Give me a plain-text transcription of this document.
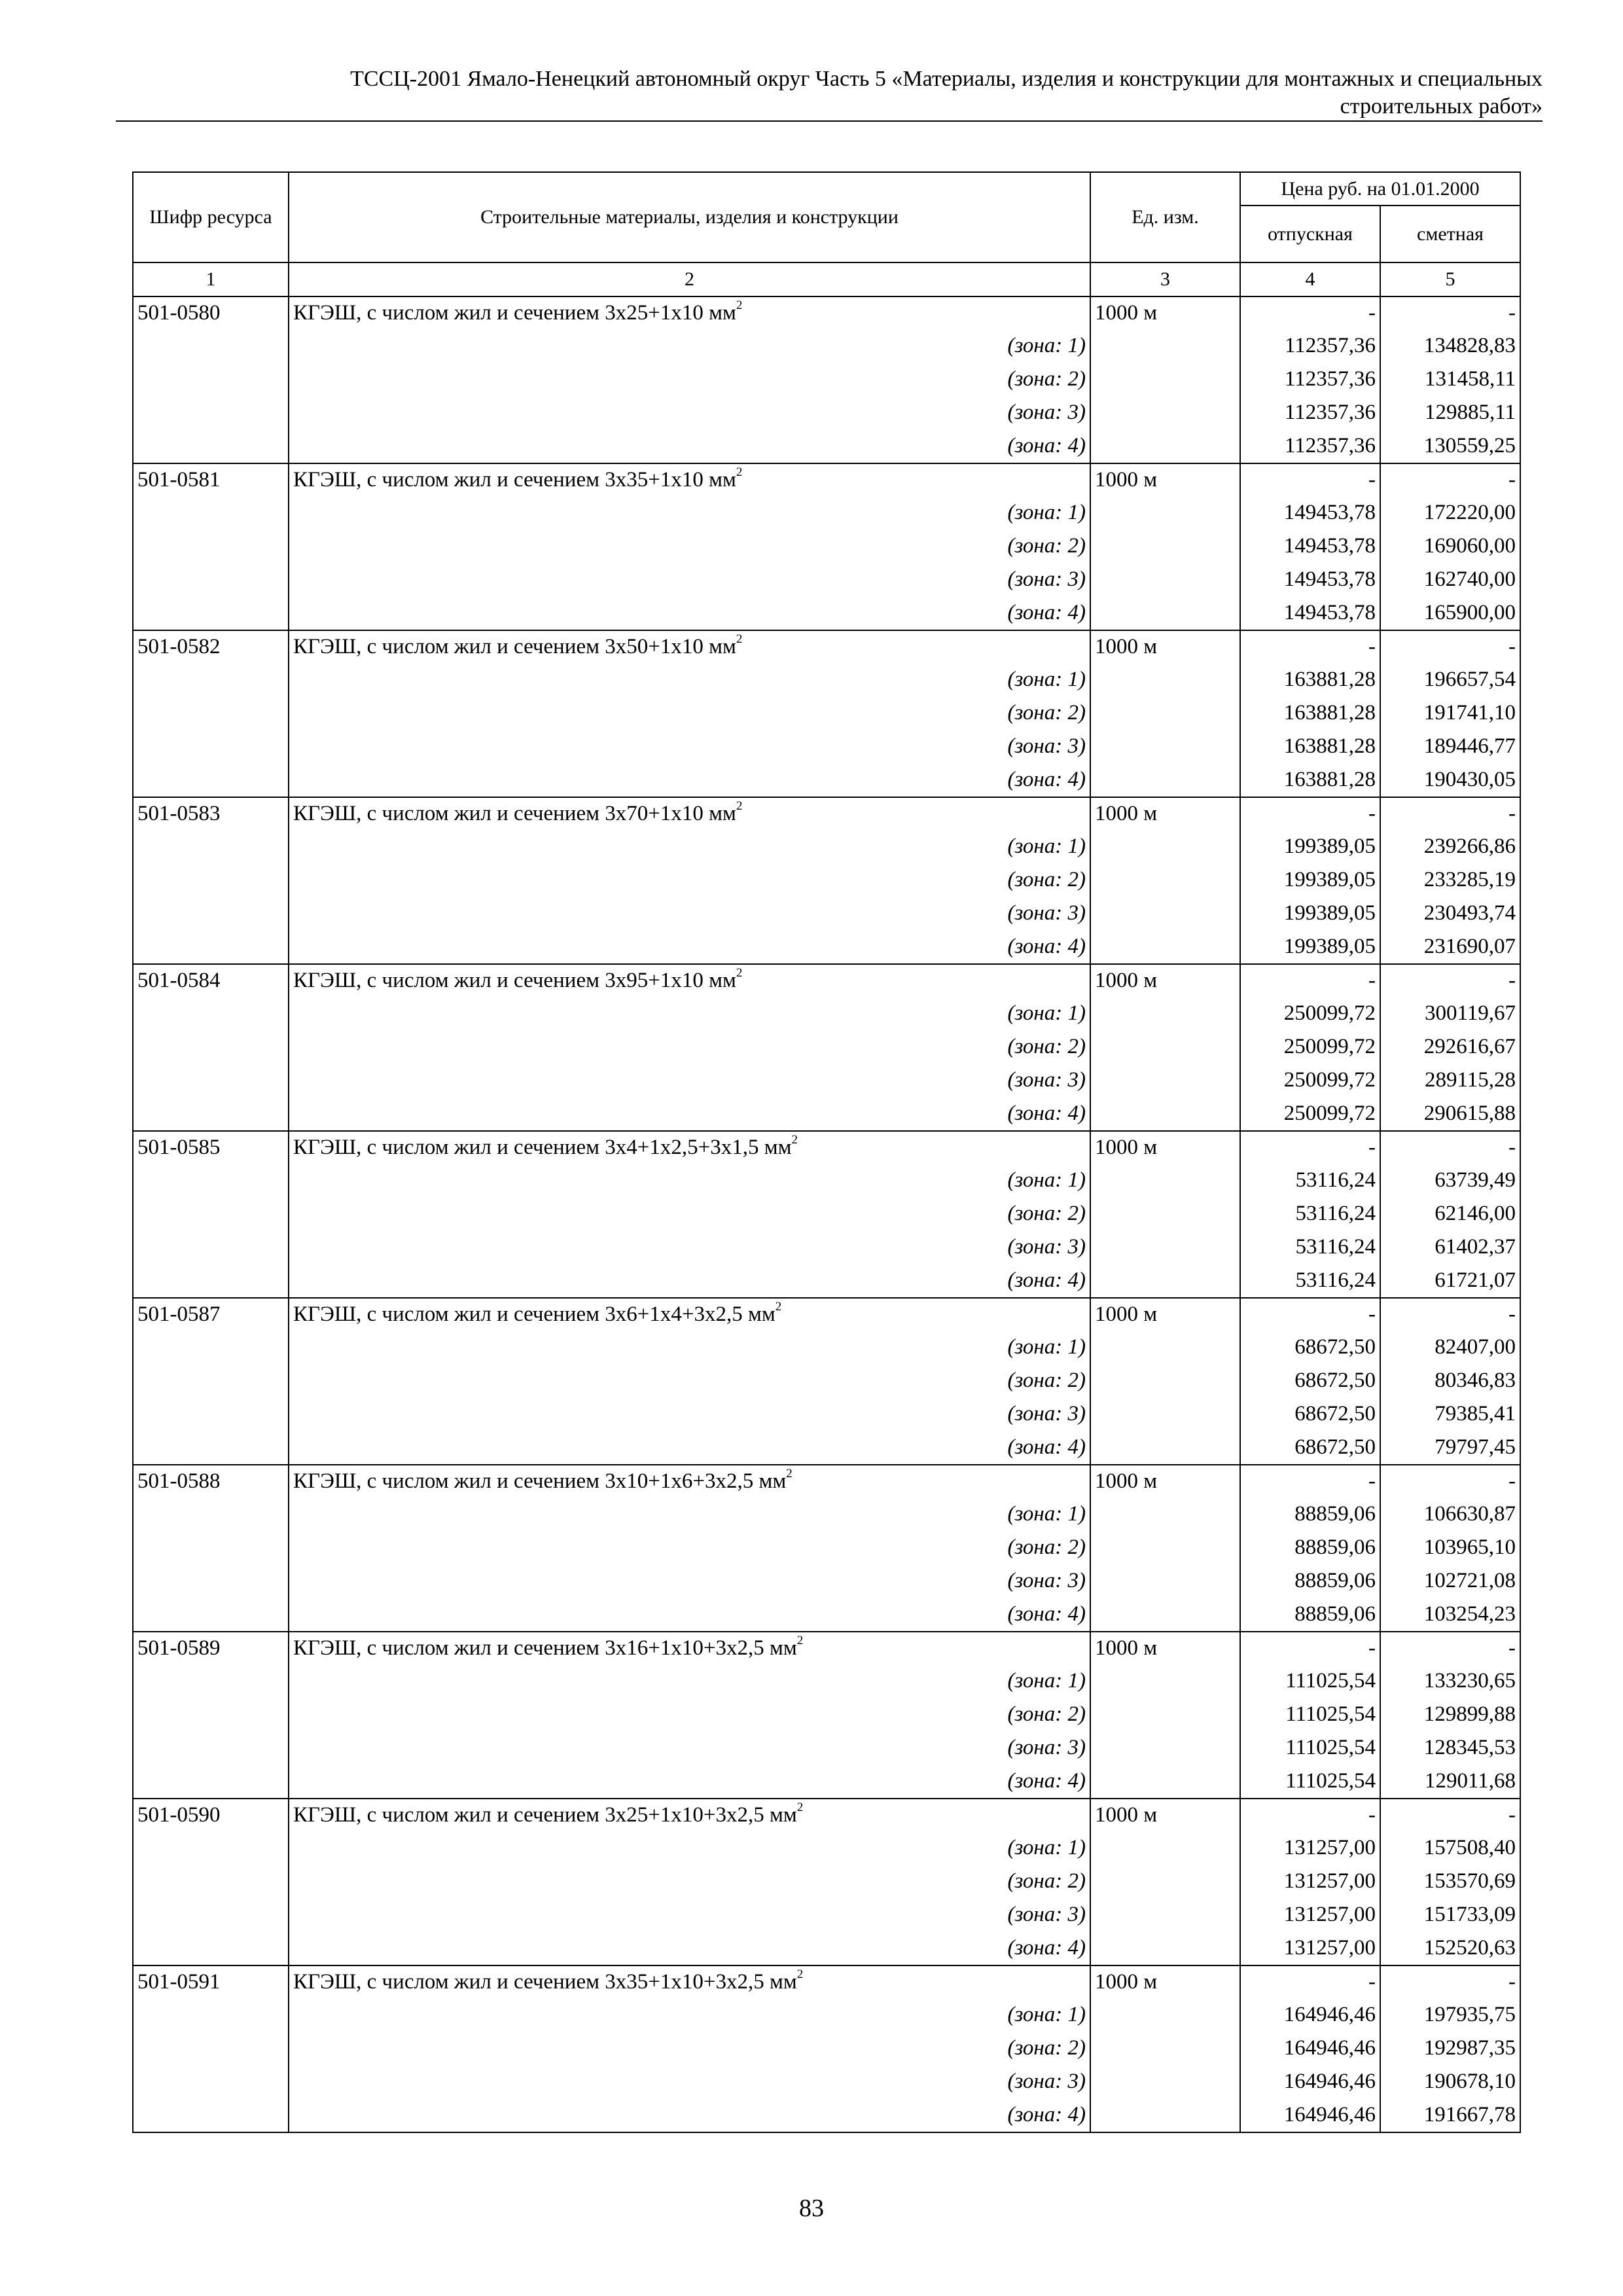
ТССЦ-2001 Ямало-Ненецкий автономный округ Часть 5 «Материалы, изделия и конструкции для монтажных и специальных
строительных работ»
Шифр ресурса	Строительные материалы, изделия и конструкции	Ед. изм.	Цена руб. на 01.01.2000	
			отпускная	сметная
1	2	3	4	5
501-0580	КГЭШ, с числом жил и сечением 3х25+1х10 $мм^2$	1000 м	-	-
	(зона: 1)		112357,36	134828,83
	(зона: 2)		112357,36	131458,11
	(зона: 3)		112357,36	129885,11
	(зона: 4)		112357,36	130559,25
501-0581	КГЭШ, с числом жил и сечением 3х35+1х10 $мм^2$	1000 м	-	-
	(зона: 1)		149453,78	172220,00
	(зона: 2)		149453,78	169060,00
	(зона: 3)		149453,78	162740,00
	(зона: 4)		149453,78	165900,00
501-0582	КГЭШ, с числом жил и сечением 3х50+1х10 $мм^2$	1000 м	-	-
	(зона: 1)		163881,28	196657,54
	(зона: 2)		163881,28	191741,10
	(зона: 3)		163881,28	189446,77
	(зона: 4)		163881,28	190430,05
501-0583	КГЭШ, с числом жил и сечением 3х70+1х10 $мм^2$	1000 м	-	-
	(зона: 1)		199389,05	239266,86
	(зона: 2)		199389,05	233285,19
	(зона: 3)		199389,05	230493,74
	(зона: 4)		199389,05	231690,07
501-0584	КГЭШ, с числом жил и сечением 3х95+1х10 $мм^2$	1000 м	-	-
	(зона: 1)		250099,72	300119,67
	(зона: 2)		250099,72	292616,67
	(зона: 3)		250099,72	289115,28
	(зона: 4)		250099,72	290615,88
501-0585	КГЭШ, с числом жил и сечением 3х4+1х2,5+3х1,5 $мм^2$	1000 м	-	-
	(зона: 1)		53116,24	63739,49
	(зона: 2)		53116,24	62146,00
	(зона: 3)		53116,24	61402,37
	(зона: 4)		53116,24	61721,07
501-0587	КГЭШ, с числом жил и сечением 3х6+1х4+3х2,5 $мм^2$	1000 м	-	-
	(зона: 1)		68672,50	82407,00
	(зона: 2)		68672,50	80346,83
	(зона: 3)		68672,50	79385,41
	(зона: 4)		68672,50	79797,45
501-0588	КГЭШ, с числом жил и сечением 3х10+1х6+3х2,5 $мм^2$	1000 м	-	-
	(зона: 1)		88859,06	106630,87
	(зона: 2)		88859,06	103965,10
	(зона: 3)		88859,06	102721,08
	(зона: 4)		88859,06	103254,23
501-0589	КГЭШ, с числом жил и сечением 3х16+1х10+3х2,5 $мм^2$	1000 м	-	-
	(зона: 1)		111025,54	133230,65
	(зона: 2)		111025,54	129899,88
	(зона: 3)		111025,54	128345,53
	(зона: 4)		111025,54	129011,68
501-0590	КГЭШ, с числом жил и сечением 3х25+1х10+3х2,5 $мм^2$	1000 м	-	-
	(зона: 1)		131257,00	157508,40
	(зона: 2)		131257,00	153570,69
	(зона: 3)		131257,00	151733,09
	(зона: 4)		131257,00	152520,63
501-0591	КГЭШ, с числом жил и сечением 3х35+1х10+3х2,5 $мм^2$	1000 м	-	-
	(зона: 1)		164946,46	197935,75
	(зона: 2)		164946,46	192987,35
	(зона: 3)		164946,46	190678,10
	(зона: 4)		164946,46	191667,78
83
